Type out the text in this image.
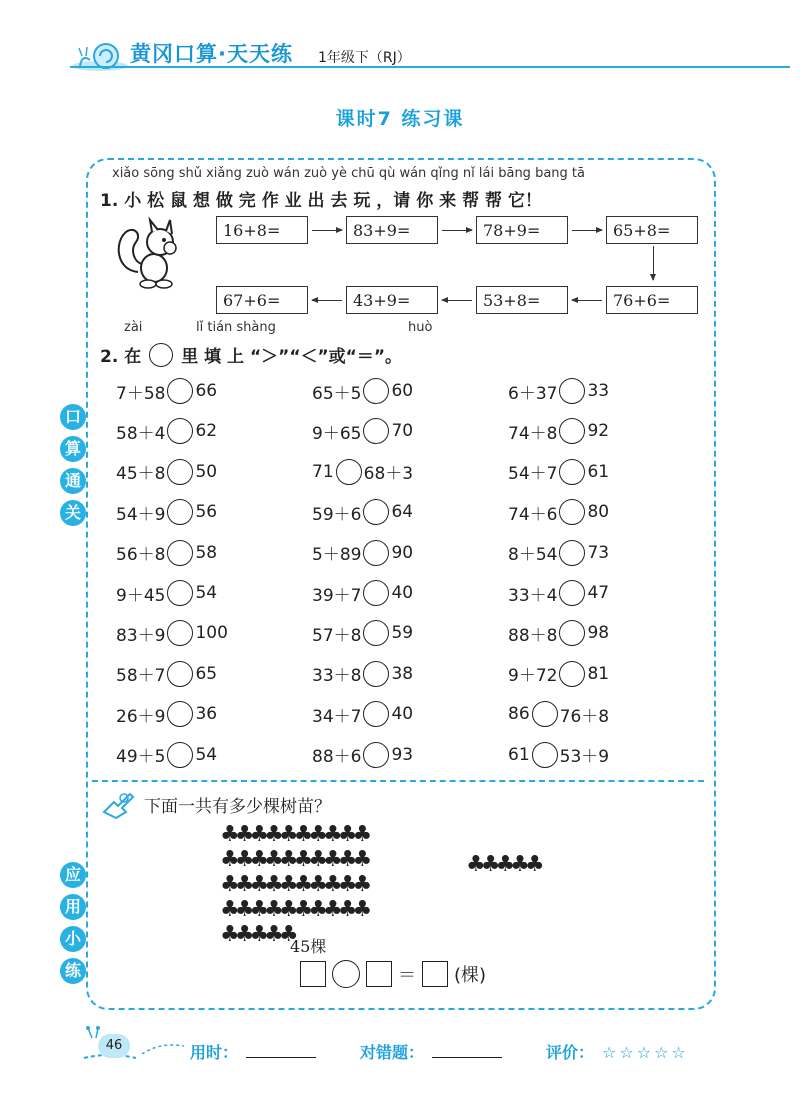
黄冈口算·天天练 1年级下（RJ）
课时7 练习课
口
算
通
关
应
用
小
练
xiǎo sōng shǔ xiǎng zuò wán zuò yè chū qù wán qǐng nǐ lái bāng bang tā
1. 小 松 鼠 想 做 完 作 业 出 去 玩 ，请 你 来 帮 帮 它！
16+8=	83+9=	78+9=	65+8=
67+6=	43+9=	53+8=	76+6=
zài	lǐ tián shàng	huò
2. 在 里 填 上 “＞”“＜”或“＝”。
7＋58 66	65＋5 60	6＋37 33
58＋4 62	9＋65 70	74＋8 92
45＋8 50	71 68＋3	54＋7 61
54＋9 56	59＋6 64	74＋6 80
56＋8 58	5＋89 90	8＋54 73
9＋45 54	39＋7 40	33＋4 47
83＋9 100	57＋8 59	88＋8 98
58＋7 65	33＋8 38	9＋72 81
26＋9 36	34＋7 40	86 76＋8
49＋5 54	88＋6 93	61 53＋9
下面一共有多少棵树苗？
♣♣♣♣♣♣♣♣♣♣
♣♣♣♣♣♣♣♣♣♣
♣♣♣♣♣♣♣♣♣♣
♣♣♣♣♣♣♣♣♣♣
♣♣♣♣♣
♣♣♣♣♣
45棵
＝ (棵)
46	用时：	对错题：	评价： ☆☆☆☆☆
